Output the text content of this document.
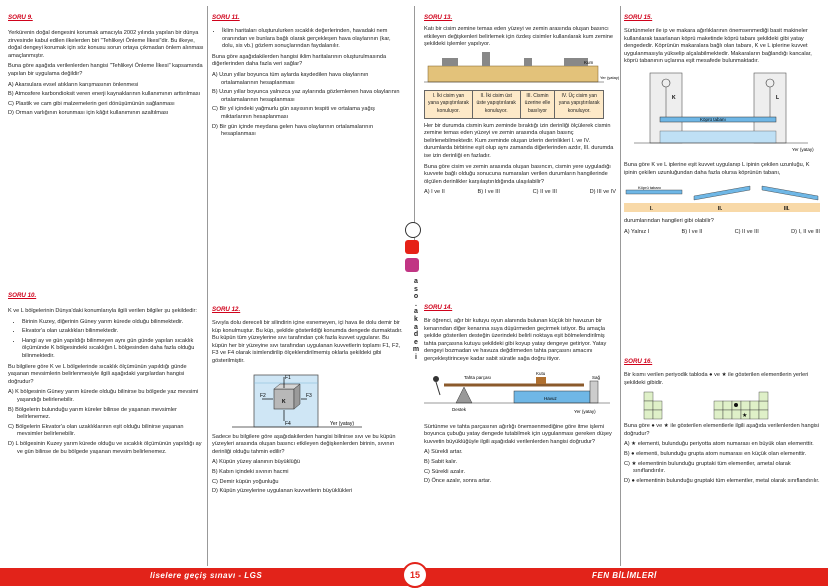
SORU 9.

Yerkürenin doğal dengesini korumak amacıyla 2002 yılında yapılan bir dünya zirvesinde kabul edilen ilkelerden biri "Tehlikeyi Önleme İlkesi"dir. Bu ilkeye, doğal dengeyi korumak için söz konusu sorun ortaya çıkmadan önlem alınması amaçlanmıştır.

Buna göre aşağıda verilenlerden hangisi "Tehlikeyi Önleme İlkesi" kapsamında yapılan bir uygulama değildir?

A) Akarsulara evsel atıkların karışmasının önlenmesi
B) Atmosfere karbondioksit veren enerji kaynaklarının kullanımının arttırılması
C) Plastik ve cam gibi malzemelerin geri dönüşümünün sağlanması
D) Orman varlığının korunması için kâğıt kullanımının azaltılması
SORU 10.

K ve L bölgelerinin Dünya'daki konumlarıyla ilgili verilen bilgiler şu şekildedir:

• Birinin Kuzey, diğerinin Güney yarım kürede olduğu bilinmektedir.
• Ekvator'a olan uzaklıkları bilinmektedir.
• Hangi ay ve gün yapıldığı bilinmeyen aynı gün günde yapılan sıcaklık ölçümünde K bölgesindeki sıcaklığın L bölgesinden daha fazla olduğu bilinmektedir.

Bu bilgilere göre K ve L bölgelerinde sıcaklık ölçümünün yapıldığı günde yaşanan mevsimlerin belirlenmesiyle ilgili aşağıdaki yargılardan hangisi doğrudur?

A) K bölgesinin Güney yarım kürede olduğu bilinirse bu bölgede yaz mevsimi yaşandığı belirlenebilir.
B) Bölgelerin bulunduğu yarım küreler bilinse de yaşanan mevsimler belirlenemez.
C) Bölgelerin Ekvator'a olan uzaklıklarının eşit olduğu bilinirse yaşanan mevsimler belirlenebilir.
D) L bölgesinin Kuzey yarım kürede olduğu ve sıcaklık ölçümünün yapıldığı ay ve gün bilinse de bu bölgede yaşanan mevsim belirlenemez.
SORU 11.
• İklim haritaları oluşturulurken sıcaklık değerlerinden, havadaki nem oranından ve bunlara bağlı olarak gerçekleşen hava olaylarının (kar, dolu, sis vb.) gözlem sonuçlarından faydalanılır.

Buna göre aşağıdakilerden hangisi iklim haritalarının oluşturulmasında diğerlerinden daha fazla veri sağlar?

A) Uzun yıllar boyunca tüm aylarda kaydedilen hava olaylarının ortalamalarının hesaplanması
B) Uzun yıllar boyunca yalnızca yaz aylarında gözlemlenen hava olaylarının ortalamalarının hesaplanması
C) Bir yıl içindeki yağmurlu gün sayısının tespiti ve ortalama yağış miktarlarının hesaplanması
D) Bir gün içinde meydana gelen hava olaylarının ortalamalarının hesaplanması
SORU 12.

Sıvıyla dolu dereceli bir silindirin içine esnemeyen, içi hava ile dolu demir bir küp konulmuştur. Bu küp, şekilde gösterildiği konumda dengede durmaktadır. Bu küpün tüm yüzeylerine sıvı tarafından çok fazla kuvvet uygulanır. Bu küpün her bir yüzeyine sıvı tarafından uygulanan kuvvetlerin toplamı F1, F2, F3 ve F4 olarak isimlendirilip ölçeklendirilmemiş oklarla şekildeki gibi gösterilmiştir.

F1
F2	F3
F4
K
Yer (yatay)

Sadece bu bilgilere göre aşağıdakilerden hangisi bilinirse sıvı ve bu küpün yüzeyleri arasında oluşan basıncı etkileyen değişkenlerden birinin, sıvının derinliği olduğu tahmin edilir?

A) Küpün yüzey alanının büyüklüğü
B) Kabın içindeki sıvının hacmi
C) Demir küpün yoğunluğu
D) Küpün yüzeylerine uygulanan kuvvetlerin büyüklükleri
a
s
o
.
a
k
a
d
e
m
i
SORU 13.

Katı bir cisim zemine temas eden yüzeyi ve zemin arasında oluşan basıncı etkileyen değişkenleri belirlemek için özdeş cisimler kullanılarak kum zemine şekildeki işlemler yapılıyor.

Kum
Yer (yatay)
I. İki cisim yan yana yapıştırılarak konuluyor.	II. İki cisim üst üste yapıştırılarak konuluyor.	III. Cismin üzerine elle basılıyor	IV. Üç cisim yan yana yapıştırılarak konuluyor.

Her bir durumda cismin kum zeminde bıraktığı izin derinliği ölçülerek cismin zemine temas eden yüzeyi ve zemin arasında oluşan basınç belirlenebilmektedir. Kum zeminde oluşan izlerin derinlikleri I. ve IV. durumlarda birbirine eşit olup aynı zamanda diğerlerinden azdır, III. durumda ise izin derinliği en fazladır.

Buna göre cisim ve zemin arasında oluşan basıncın, cismin yere uyguladığı kuvvete bağlı olduğu sonucuna numaraları verilen durumların hangilerinde ölçülen derinlikler karşılaştırıldığında ulaşılabilir?

A) I ve II	B) I ve III	C) II ve III	D) III ve IV
SORU 14.

Bir öğrenci, ağır bir kutuyu oyun alanında bulunan küçük bir havuzun bir kenarından diğer kenarına suya düşürmeden geçirmek istiyor. Bu amaçla şekilde gösterilen desteğin üzerindeki belirli noktaya eşit bölmelendirilmiş tahta parçasına kutuyu şekildeki gibi koyup yatay dengeye getiriyor. Yatay dengeyi bozmadan ve havuza değdirmeden tahta parçasını amacını gerçekleştirinceye kadar sabit süratle sağa doğru itiyor.

Tahta parçası
Kutu
Sağ
Havuz
Destek	Yer (yatay)

Sürtünme ve tahta parçasının ağırlığı önemsenmediğine göre itme işlemi boyunca çubuğu yatay dengede tutabilmek için uygulanması gereken düşey kuvvetin büyüklüğüyle ilgili aşağıdaki verilenlerden hangisi doğrudur?

A) Sürekli artar.
B) Sabit kalır.
C) Sürekli azalır.
D) Önce azalır, sonra artar.
SORU 15.

Sürtünmeler ile ip ve makara ağırlıklarının önemsenmediği basit makineler kullanılarak tasarlanan köprü maketinde köprü tabanı şekildeki gibi yatay dengededir. Köprünün makaralara bağlı olan tabanı, K ve L iplerine kuvvet uygulanmasıyla yükselip alçalabilmektedir. Makaraların bağlandığı kancalar, köprü tabanının uçlarına eşit mesafede bulunmaktadır.

Köprü tabanı
K	L
Yer (yatay)

Buna göre K ve L iplerine eşit kuvvet uygulanıp L ipinin çekilen uzunluğu, K ipinin çekilen uzunluğundan daha fazla olursa köprünün tabanı,

Köprü tabanı
I.	II.	III.

durumlarından hangileri gibi olabilir?

A) Yalnız I	B) I ve II	C) II ve III	D) I, II ve III
SORU 16.

Bir kısmı verilen periyodik tabloda ● ve ★ ile gösterilen elementlerin yerleri şekildeki gibidir.

★

Buna göre ● ve ★ ile gösterilen elementlerle ilgili aşağıda verilenlerden hangisi doğrudur?

A) ★ elementi, bulunduğu periyotta atom numarası en büyük olan elementtir.
B) ● elementi, bulunduğu grupta atom numarası en küçük olan elementtir.
C) ★ elementinin bulunduğu gruptaki tüm elementler, ametal olarak sınıflandırılır.
D) ● elementinin bulunduğu gruptaki tüm elementler, metal olarak sınıflandırılır.
liselere geçiş sınavı - LGS	FEN BİLİMLERİ
15
